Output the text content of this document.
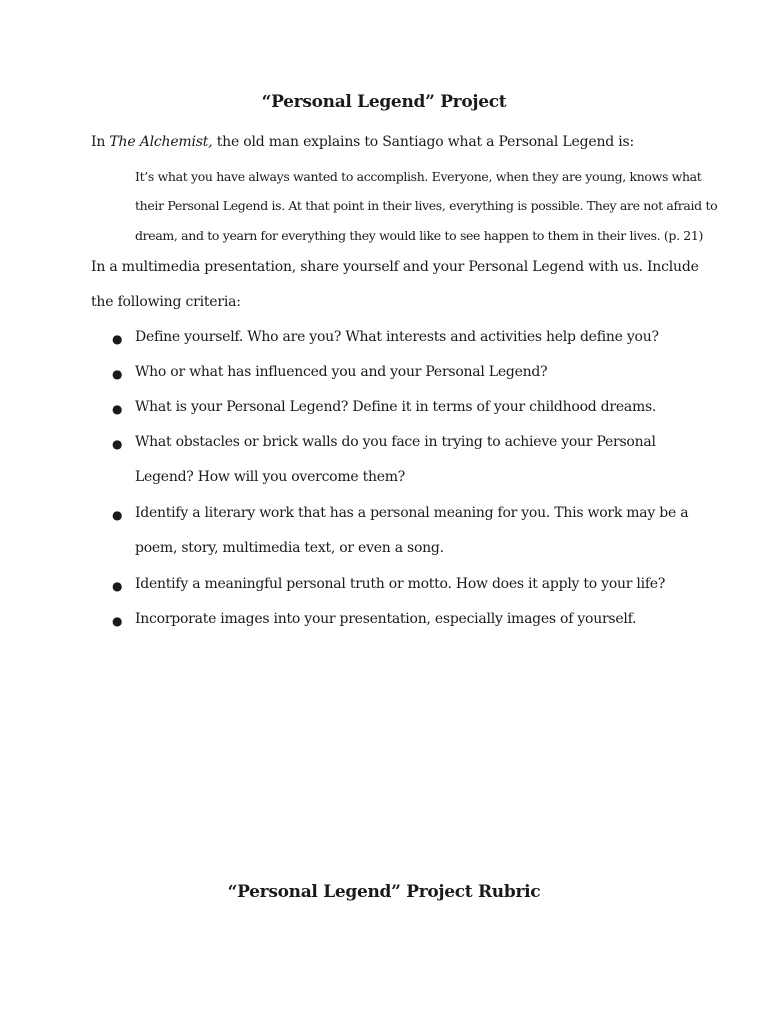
“Personal Legend” Project
In The Alchemist, the old man explains to Santiago what a Personal Legend is:
It’s what you have always wanted to accomplish. Everyone, when they are young, knows what
their Personal Legend is. At that point in their lives, everything is possible. They are not afraid to
dream, and to yearn for everything they would like to see happen to them in their lives. (p. 21)
In a multimedia presentation, share yourself and your Personal Legend with us. Include
the following criteria:
● Define yourself. Who are you? What interests and activities help define you?
● Who or what has influenced you and your Personal Legend?
● What is your Personal Legend? Define it in terms of your childhood dreams.
● What obstacles or brick walls do you face in trying to achieve your Personal
Legend? How will you overcome them?
● Identify a literary work that has a personal meaning for you. This work may be a
poem, story, multimedia text, or even a song.
● Identify a meaningful personal truth or motto. How does it apply to your life?
● Incorporate images into your presentation, especially images of yourself.
“Personal Legend” Project Rubric
